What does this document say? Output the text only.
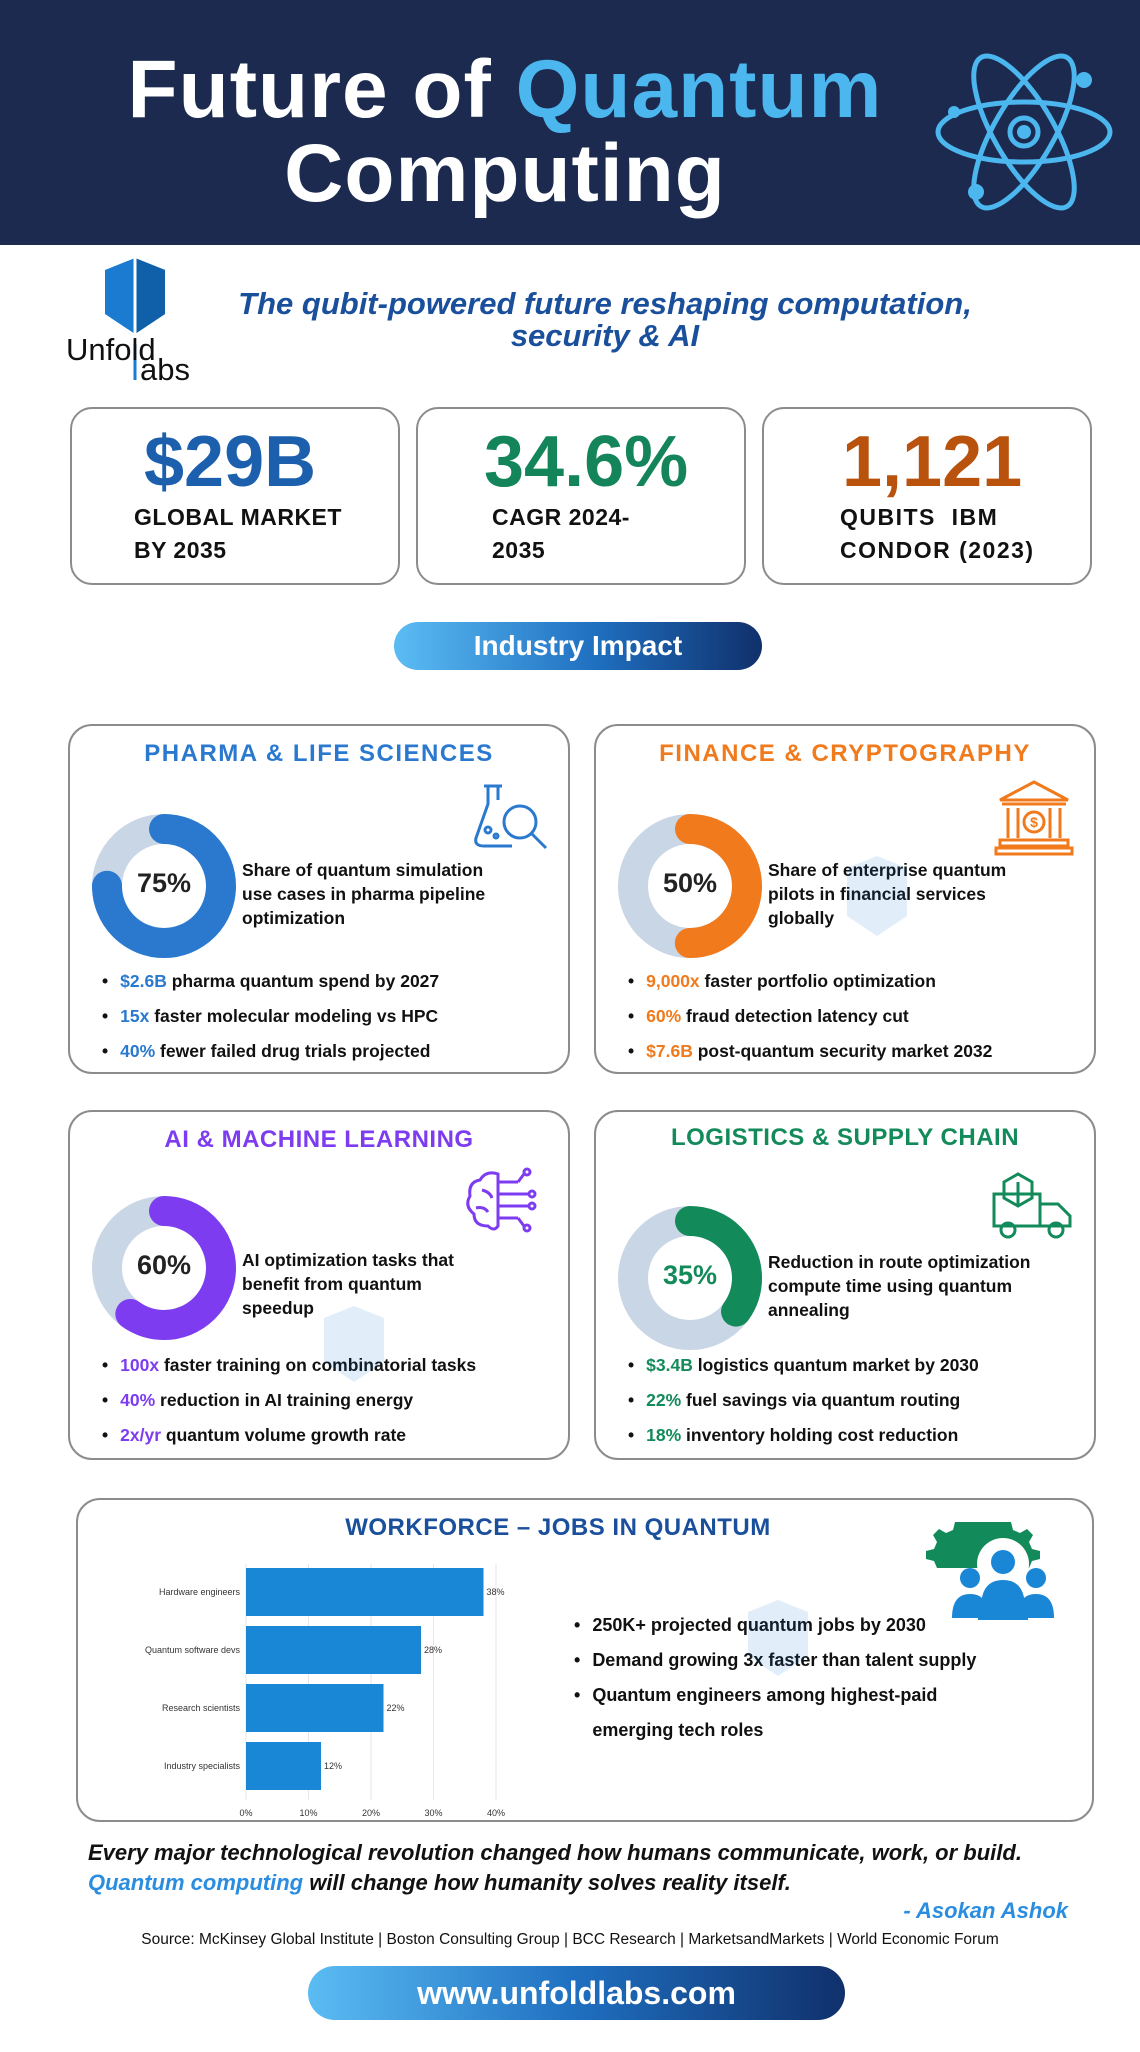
Future of Quantum
Computing
Unfold
abs
The qubit-powered future reshaping computation,
security & AI
$29B
GLOBAL MARKET
BY 2035
34.6%
CAGR 2024-
2035
1,121
QUBITS  IBM
CONDOR (2023)
Industry Impact
PHARMA & LIFE SCIENCES
75%	Share of quantum simulation
use cases in pharma pipeline
optimization
• $2.6B pharma quantum spend by 2027
• 15x faster molecular modeling vs HPC
• 40% fewer failed drug trials projected
FINANCE & CRYPTOGRAPHY
$
50%	Share of enterprise quantum
pilots in financial services
globally
• 9,000x faster portfolio optimization
• 60% fraud detection latency cut
• $7.6B post-quantum security market 2032
AI & MACHINE LEARNING
60%	AI optimization tasks that
benefit from quantum
speedup
• 100x faster training on combinatorial tasks
• 40% reduction in AI training energy
• 2x/yr quantum volume growth rate
LOGISTICS & SUPPLY CHAIN
35%	Reduction in route optimization
compute time using quantum
annealing
• $3.4B logistics quantum market by 2030
• 22% fuel savings via quantum routing
• 18% inventory holding cost reduction
WORKFORCE – JOBS IN QUANTUM
0%	10%	20%	30%	40%
Hardware engineers	38%
Quantum software devs	28%
Research scientists	22%
Industry specialists	12%
• 250K+ projected quantum jobs by 2030
• Demand growing 3x faster than talent supply
• Quantum engineers among highest-paid emerging tech roles
Every major technological revolution changed how humans communicate, work, or build.
Quantum computing will change how humanity solves reality itself.
- Asokan Ashok
Source: McKinsey Global Institute | Boston Consulting Group | BCC Research | MarketsandMarkets | World Economic Forum
www.unfoldlabs.com
